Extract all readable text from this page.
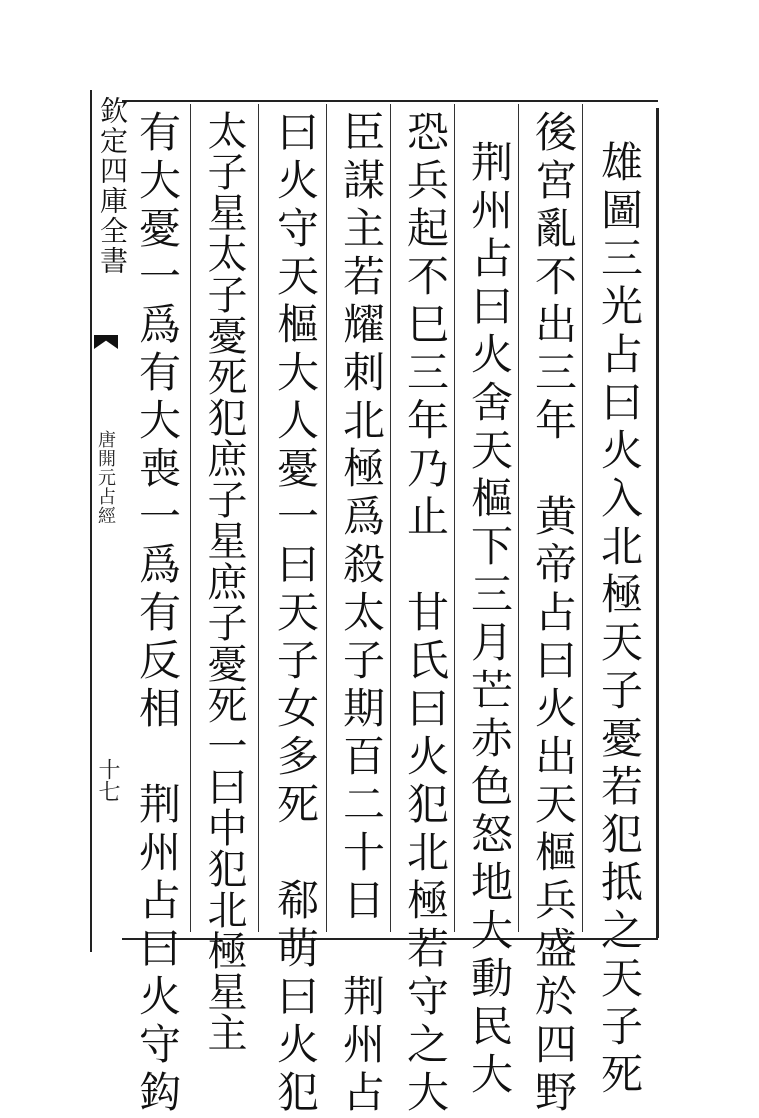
欽定四庫全書
唐開元占經
十七	雄圖三光占曰火入北極天子憂若犯抵之天子死

後宮亂不出三年　黄帝占曰火出天樞兵盛於四野

荆州占曰火舍天樞下三月芒赤色怒地大動民大

恐兵起不巳三年乃止　甘氏曰火犯北極若守之大

臣謀主若耀刺北極爲殺太子期百二十日　荆州占

曰火守天樞大人憂一曰天子女多死　郗萌曰火犯

太子星太子憂死犯庶子星庶子憂死一曰中犯北極星主

有大憂一爲有大喪一爲有反相　荆州占曰火守鈎
